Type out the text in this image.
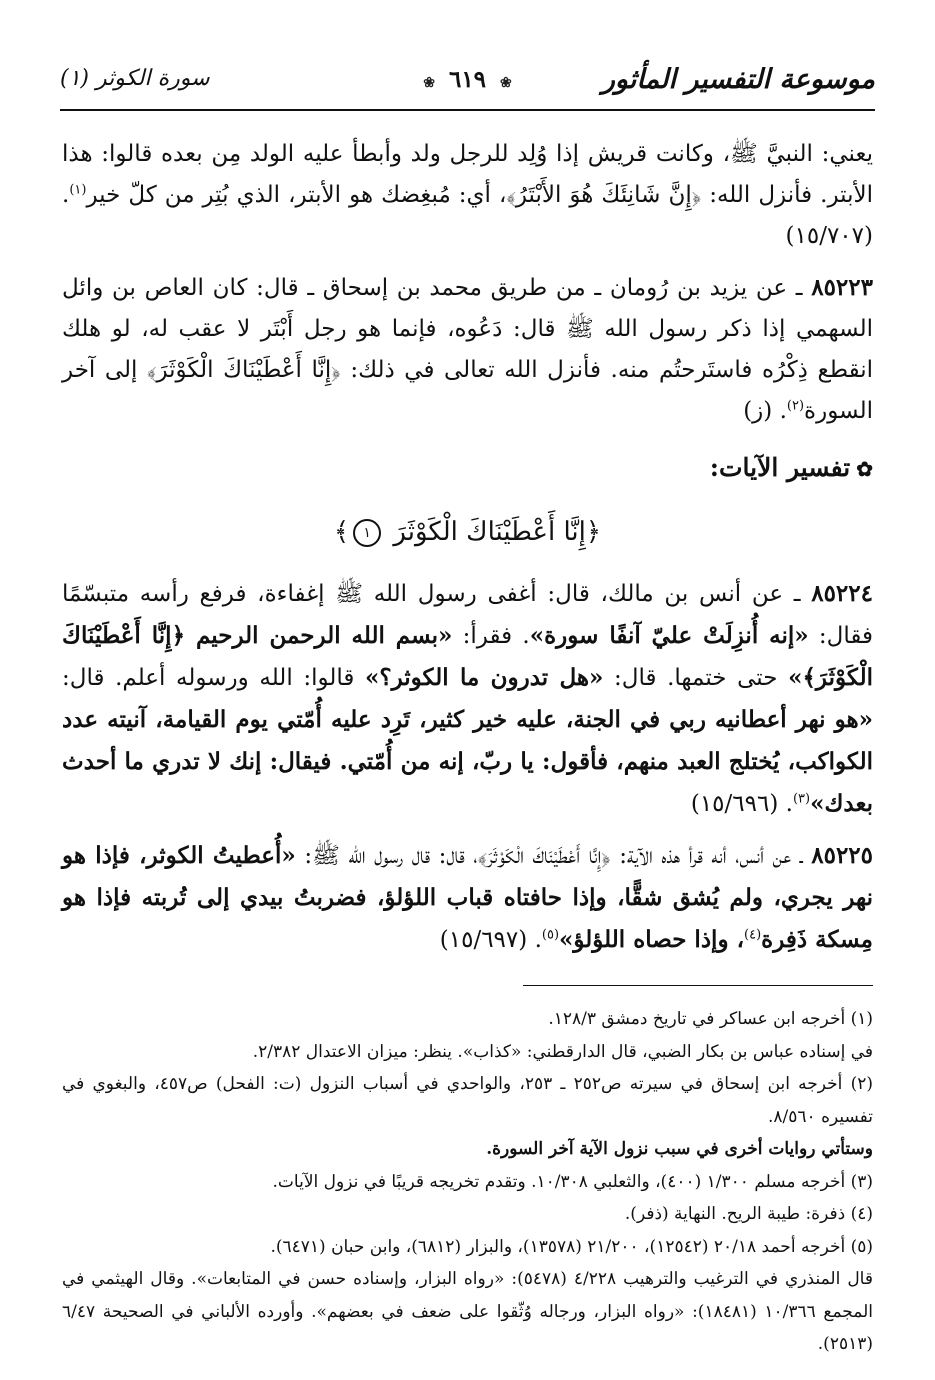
موسوعة التفسير المأثور
❀ ٦١٩ ❀
سورة الكوثر (١)

يعني: النبيَّ ﷺ، وكانت قريش إذا وُلِد للرجل ولد وأبطأ عليه الولد مِن بعده قالوا: هذا الأبتر. فأنزل الله: ﴿إِنَّ شَانِئَكَ هُوَ الأَبْتَرُ﴾، أي: مُبغِضك هو الأبتر، الذي بُتِر من كلّ خير$^{(١)}$. (١٥/٧٠٧)

٨٥٢٢٣ ـ عن يزيد بن رُومان ـ من طريق محمد بن إسحاق ـ قال: كان العاص بن وائل السهمي إذا ذكر رسول الله ﷺ قال: دَعُوه، فإنما هو رجل أَبْتَر لا عقب له، لو هلك انقطع ذِكْرُه فاستَرحتُم منه. فأنزل الله تعالى في ذلك: ﴿إِنَّا أَعْطَيْنَاكَ الْكَوْثَرَ﴾ إلى آخر السورة$^{(٢)}$. (ز)

✿تفسير الآيات:
﴿إِنَّا أَعْطَيْنَاكَ الْكَوْثَرَ ١﴾

٨٥٢٢٤ ـ عن أنس بن مالك، قال: أغفى رسول الله ﷺ إغفاءة، فرفع رأسه متبسّمًا فقال: «إنه أُنزِلَتْ عليّ آنفًا سورة». فقرأ: «بسم الله الرحمن الرحيم ﴿إِنَّا أَعْطَيْنَاكَ الْكَوْثَرَ﴾» حتى ختمها. قال: «هل تدرون ما الكوثر؟» قالوا: الله ورسوله أعلم. قال: «هو نهر أعطانيه ربي في الجنة، عليه خير كثير، تَرِد عليه أُمّتي يوم القيامة، آنيته عدد الكواكب، يُختلج العبد منهم، فأقول: يا ربّ، إنه من أُمّتي. فيقال: إنك لا تدري ما أحدث بعدك»$^{(٣)}$. (١٥/٦٩٦)

٨٥٢٢٥ ـ عن أنس، أنه قرأ هذه الآية: ﴿إِنَّا أَعْطَيْنَاكَ الْكَوْثَرَ﴾، قال: قال رسول الله ﷺ: «أُعطيتُ الكوثر، فإذا هو نهر يجري، ولم يُشق شقًّا، وإذا حافتاه قباب اللؤلؤ، فضربتُ بيدي إلى تُربته فإذا هو مِسكة ذَفِرة$^{(٤)}$، وإذا حصاه اللؤلؤ»$^{(٥)}$. (١٥/٦٩٧)

(١) أخرجه ابن عساكر في تاريخ دمشق ١٢٨/٣.

في إسناده عباس بن بكار الضبي، قال الدارقطني: «كذاب». ينظر: ميزان الاعتدال ٢/٣٨٢.

(٢) أخرجه ابن إسحاق في سيرته ص٢٥٢ ـ ٢٥٣، والواحدي في أسباب النزول (ت: الفحل) ص٤٥٧، والبغوي في تفسيره ٨/٥٦٠.

وستأتي روايات أخرى في سبب نزول الآية آخر السورة.

(٣) أخرجه مسلم ١/٣٠٠ (٤٠٠)، والثعلبي ١٠/٣٠٨. وتقدم تخريجه قريبًا في نزول الآيات.

(٤) ذفرة: طيبة الريح. النهاية (ذفر).

(٥) أخرجه أحمد ٢٠/١٨ (١٢٥٤٢)، ٢١/٢٠٠ (١٣٥٧٨)، والبزار (٦٨١٢)، وابن حبان (٦٤٧١).

قال المنذري في الترغيب والترهيب ٤/٢٢٨ (٥٤٧٨): «رواه البزار، وإسناده حسن في المتابعات». وقال الهيثمي في المجمع ١٠/٣٦٦ (١٨٤٨١): «رواه البزار، ورجاله وُثّقوا على ضعف في بعضهم». وأورده الألباني في الصحيحة ٦/٤٧ (٢٥١٣).
